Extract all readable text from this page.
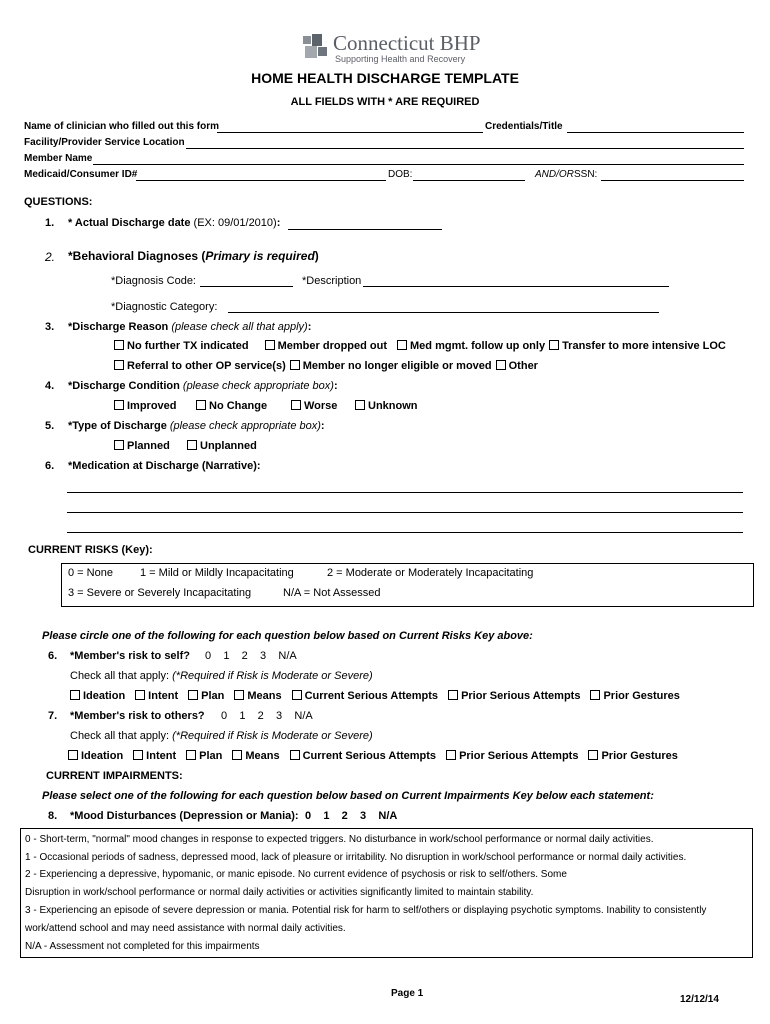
Connecticut BHP
Supporting Health and Recovery
HOME HEALTH DISCHARGE TEMPLATE
ALL FIELDS WITH * ARE REQUIRED
Name of clinician who filled out this form	Credentials/Title
Facility/Provider Service Location
Member Name
Medicaid/Consumer ID#	DOB:	AND/OR SSN:
QUESTIONS:
1. * Actual Discharge date (EX: 09/01/2010):
2. *Behavioral Diagnoses (Primary is required)
*Diagnosis Code:	*Description
*Diagnostic Category:
3. *Discharge Reason (please check all that apply):
No further TX indicated	Member dropped out Med mgmt. follow up only Transfer to more intensive LOC
Referral to other OP service(s) Member no longer eligible or moved Other
4. *Discharge Condition (please check appropriate box):
Improved	No Change	Worse	Unknown
5. *Type of Discharge (please check appropriate box):
Planned	Unplanned
6. *Medication at Discharge (Narrative):
CURRENT RISKS (Key):
0 = None 1 = Mild or Mildly Incapacitating	2 = Moderate or Moderately Incapacitating
3 = Severe or Severely Incapacitating	N/A = Not Assessed
Please circle one of the following for each question below based on Current Risks Key above:
6. *Member's risk to self? 0    1    2    3    N/A
Check all that apply: (*Required if Risk is Moderate or Severe)
Ideation Intent Plan Means Current Serious Attempts Prior Serious Attempts Prior Gestures
7. *Member's risk to others? 0    1    2    3    N/A
Check all that apply: (*Required if Risk is Moderate or Severe)
Ideation Intent Plan Means Current Serious Attempts Prior Serious Attempts Prior Gestures
CURRENT IMPAIRMENTS:
Please select one of the following for each question below based on Current Impairments Key below each statement:
8. *Mood Disturbances (Depression or Mania): 0    1    2    3    N/A
0 - Short-term, "normal" mood changes in response to expected triggers. No disturbance in work/school performance or normal daily activities.
1 - Occasional periods of sadness, depressed mood, lack of pleasure or irritability. No disruption in work/school performance or normal daily activities.
2 - Experiencing a depressive, hypomanic, or manic episode. No current evidence of psychosis or risk to self/others. Some
Disruption in work/school performance or normal daily activities or activities significantly limited to maintain stability.
3 - Experiencing an episode of severe depression or mania. Potential risk for harm to self/others or displaying psychotic symptoms. Inability to consistently
work/attend school and may need assistance with normal daily activities.
N/A - Assessment not completed for this impairments
Page 1
12/12/14
